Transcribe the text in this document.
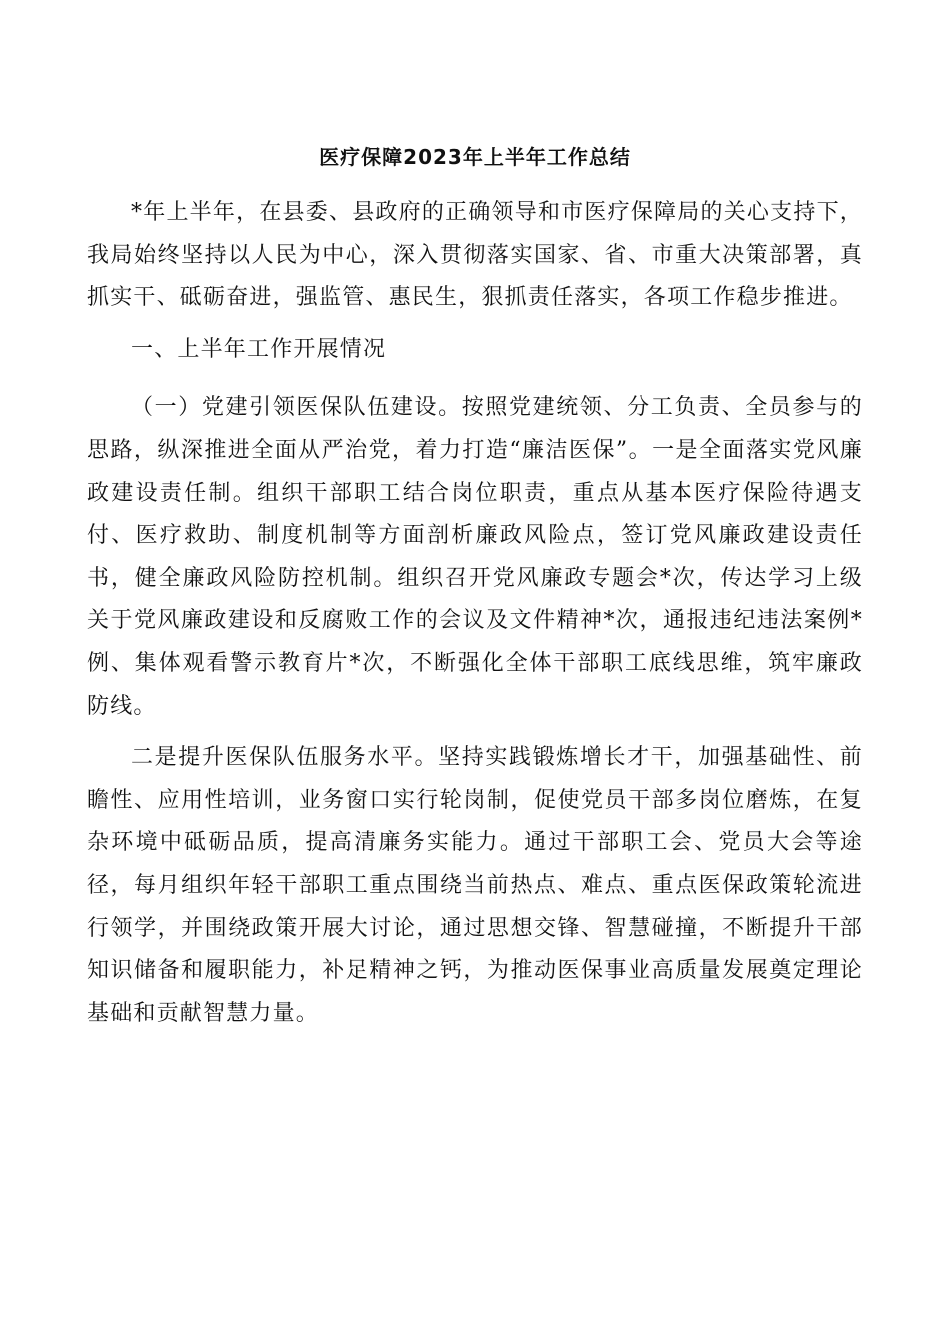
医疗保障2023年上半年工作总结

*年上半年，在县委、县政府的正确领导和市医疗保障局的关心支持下，我局始终坚持以人民为中心，深入贯彻落实国家、省、市重大决策部署，真抓实干、砥砺奋进，强监管、惠民生，狠抓责任落实，各项工作稳步推进。

一、上半年工作开展情况

（一）党建引领医保队伍建设。按照党建统领、分工负责、全员参与的思路，纵深推进全面从严治党，着力打造“廉洁医保”。一是全面落实党风廉政建设责任制。组织干部职工结合岗位职责，重点从基本医疗保险待遇支付、医疗救助、制度机制等方面剖析廉政风险点，签订党风廉政建设责任书，健全廉政风险防控机制。组织召开党风廉政专题会*次，传达学习上级关于党风廉政建设和反腐败工作的会议及文件精神*次，通报违纪违法案例*例、集体观看警示教育片*次，不断强化全体干部职工底线思维，筑牢廉政防线。

二是提升医保队伍服务水平。坚持实践锻炼增长才干，加强基础性、前瞻性、应用性培训，业务窗口实行轮岗制，促使党员干部多岗位磨炼，在复杂环境中砥砺品质，提高清廉务实能力。通过干部职工会、党员大会等途径，每月组织年轻干部职工重点围绕当前热点、难点、重点医保政策轮流进行领学，并围绕政策开展大讨论，通过思想交锋、智慧碰撞，不断提升干部知识储备和履职能力，补足精神之钙，为推动医保事业高质量发展奠定理论基础和贡献智慧力量。
